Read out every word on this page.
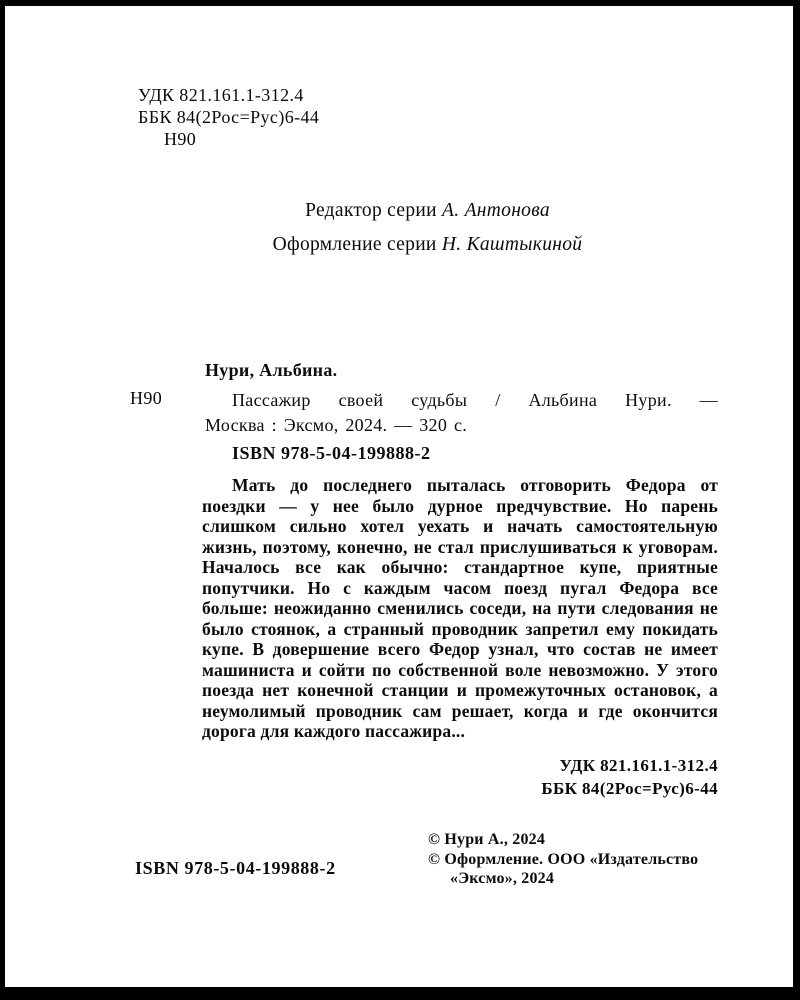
УДК 821.161.1-312.4
ББК 84(2Рос=Рус)6-44
Н90
Редактор серии А. Антонова
Оформление серии Н. Каштыкиной
Нури, Альбина.
Н90	Пассажир своей судьбы / Альбина Нури. —
Москва : Эксмо, 2024. — 320 с.
ISBN 978-5-04-199888-2

Мать до последнего пыталась отговорить Федора от поездки — у нее было дурное предчувствие. Но парень слишком сильно хотел уехать и начать самостоятельную жизнь, поэтому, конечно, не стал прислушиваться к уговорам. Началось все как обычно: стандартное купе, приятные попутчики. Но с каждым часом поезд пугал Федора все больше: неожиданно сменились соседи, на пути следования не было стоянок, а странный проводник запретил ему покидать купе. В довершение всего Федор узнал, что состав не имеет машиниста и сойти по собственной воле невозможно. У этого поезда нет конечной станции и промежуточных остановок, а неумолимый проводник сам решает, когда и где окончится дорога для каждого пассажира...

УДК 821.161.1-312.4
ББК 84(2Рос=Рус)6-44
ISBN 978-5-04-199888-2
© Нури А., 2024
© Оформление. ООО «Издательство
«Эксмо», 2024
